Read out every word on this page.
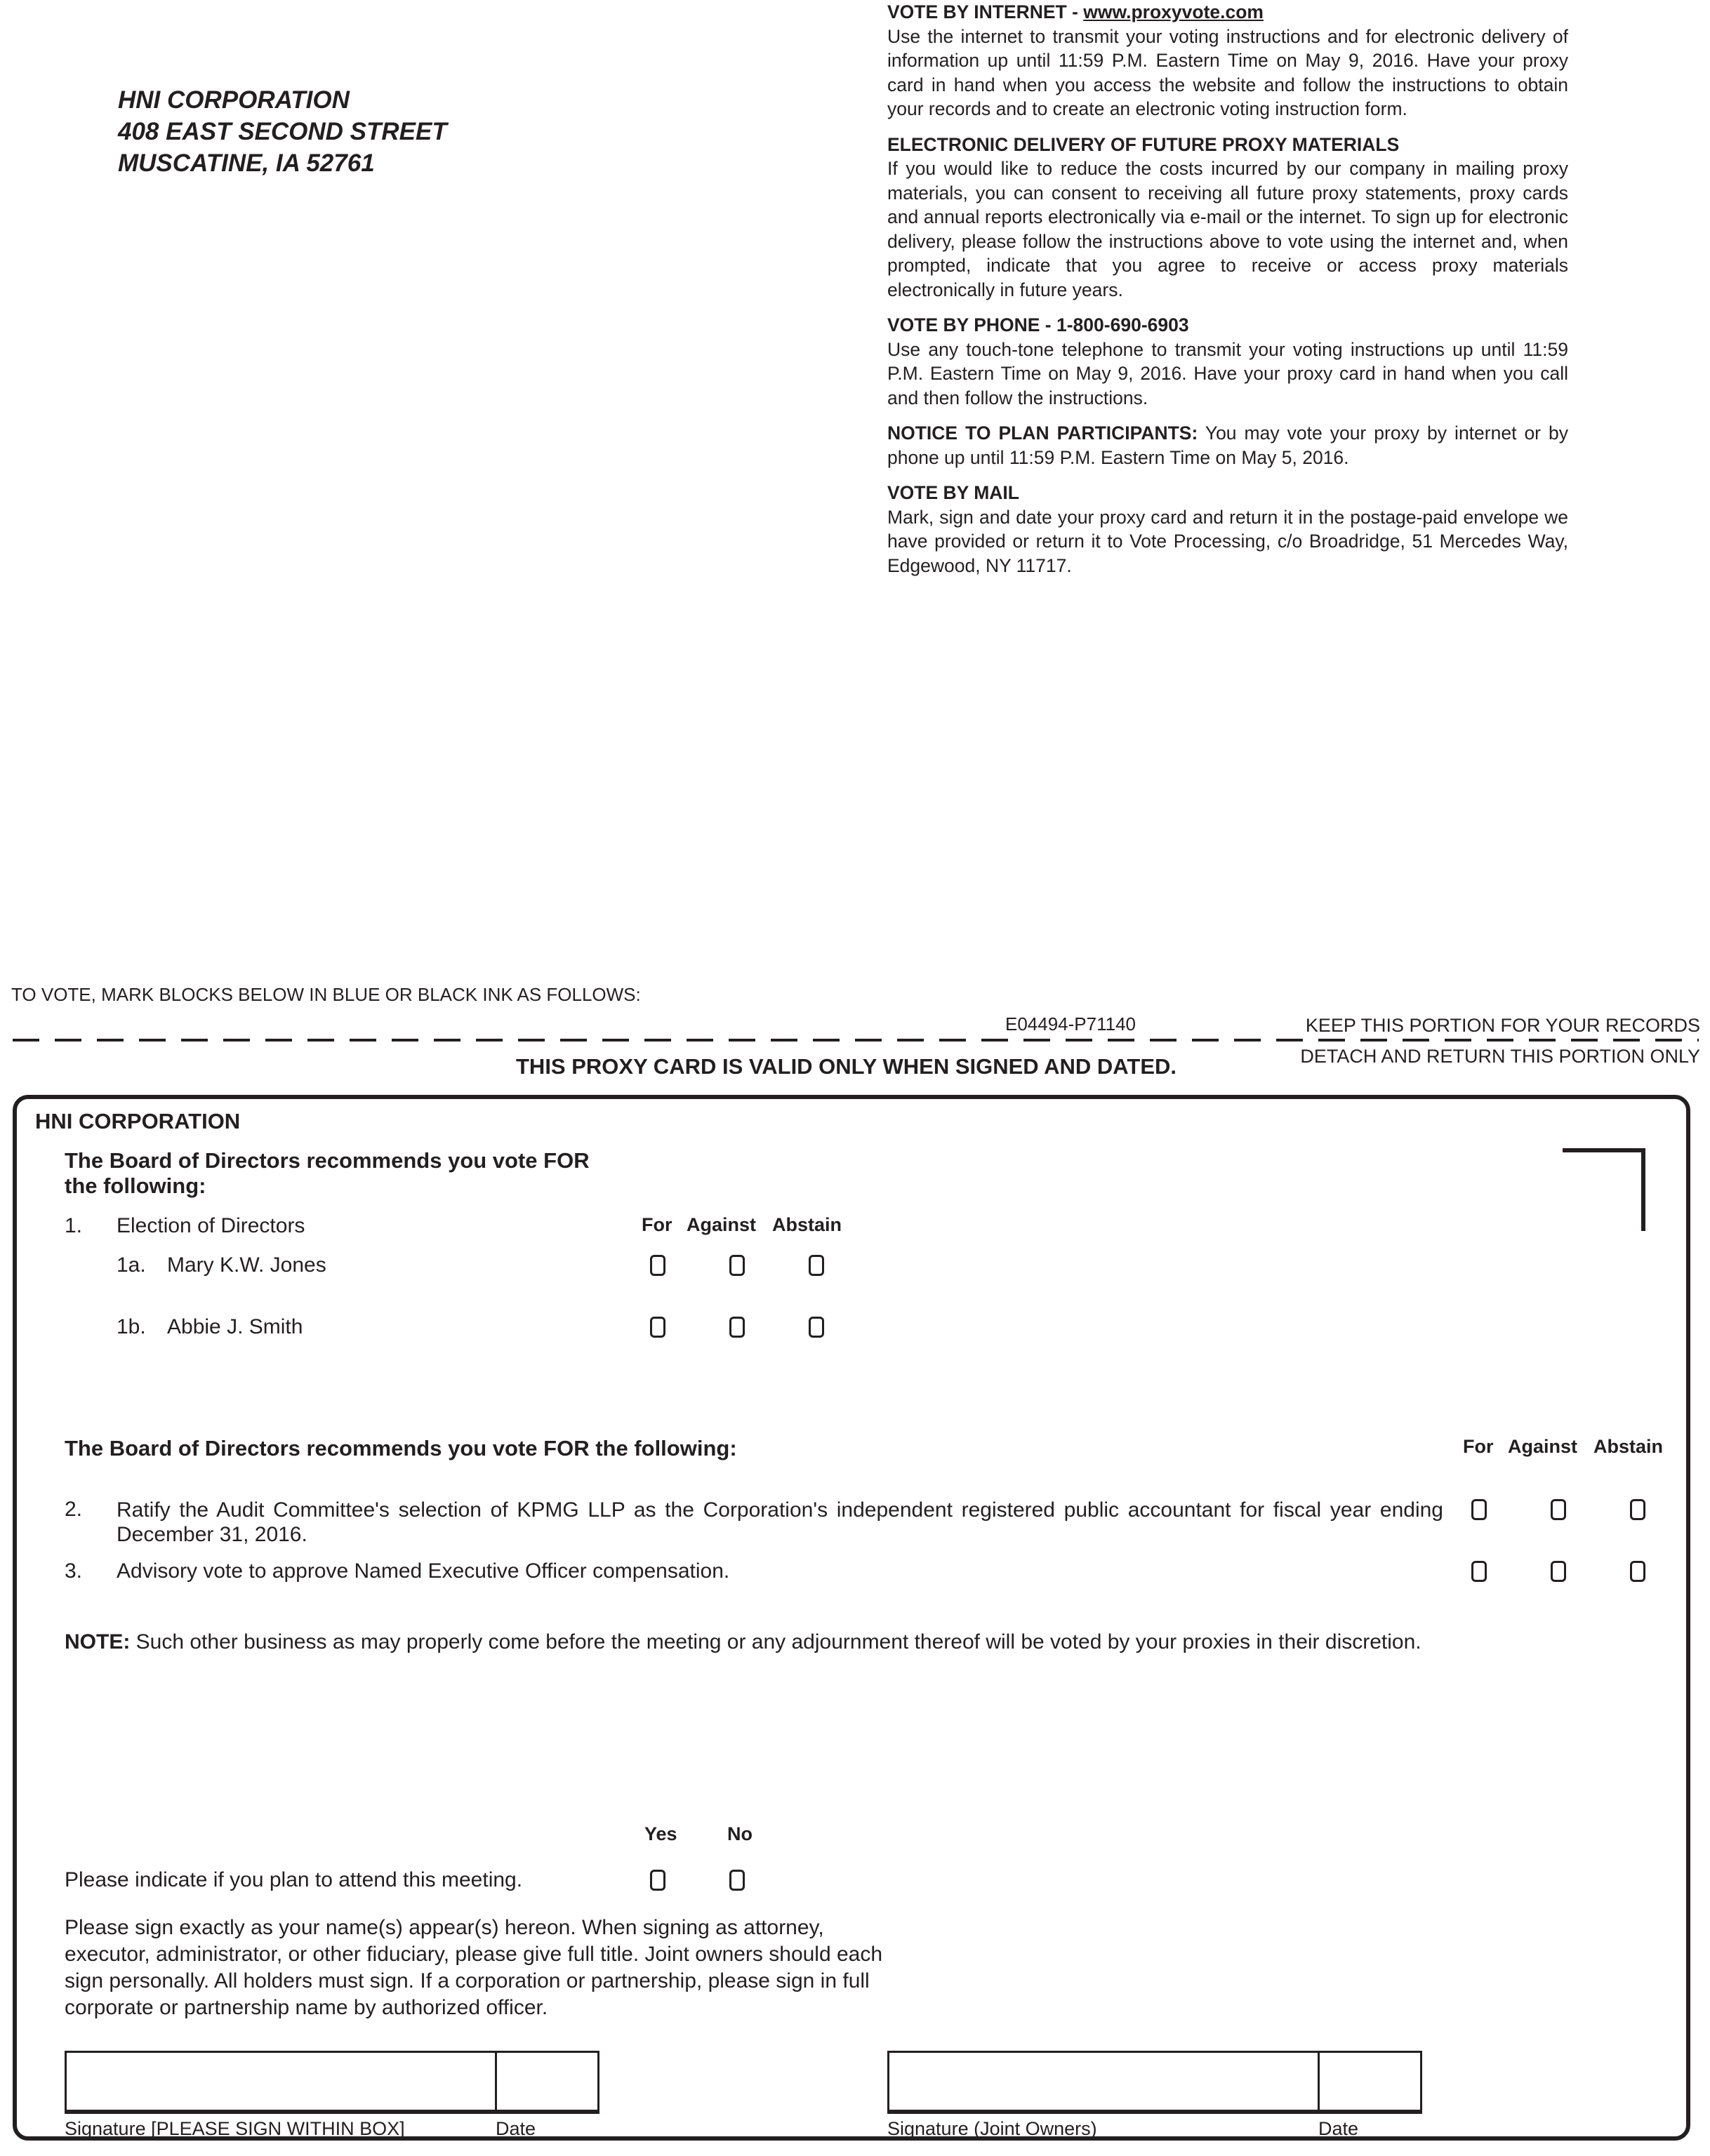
HNI CORPORATION
408 EAST SECOND STREET
MUSCATINE, IA 52761
VOTE BY INTERNET - www.proxyvote.com
Use the internet to transmit your voting instructions and for electronic delivery of information up until 11:59 P.M. Eastern Time on May 9, 2016. Have your proxy card in hand when you access the website and follow the instructions to obtain your records and to create an electronic voting instruction form.
ELECTRONIC DELIVERY OF FUTURE PROXY MATERIALS
If you would like to reduce the costs incurred by our company in mailing proxy materials, you can consent to receiving all future proxy statements, proxy cards and annual reports electronically via e-mail or the internet. To sign up for electronic delivery, please follow the instructions above to vote using the internet and, when prompted, indicate that you agree to receive or access proxy materials electronically in future years.
VOTE BY PHONE - 1-800-690-6903
Use any touch-tone telephone to transmit your voting instructions up until 11:59 P.M. Eastern Time on May 9, 2016. Have your proxy card in hand when you call and then follow the instructions.
NOTICE TO PLAN PARTICIPANTS: You may vote your proxy by internet or by phone up until 11:59 P.M. Eastern Time on May 5, 2016.
VOTE BY MAIL
Mark, sign and date your proxy card and return it in the postage-paid envelope we have provided or return it to Vote Processing, c/o Broadridge, 51 Mercedes Way, Edgewood, NY 11717.
TO VOTE, MARK BLOCKS BELOW IN BLUE OR BLACK INK AS FOLLOWS:
E04494-P71140	KEEP THIS PORTION FOR YOUR RECORDS
DETACH AND RETURN THIS PORTION ONLY
THIS PROXY CARD IS VALID ONLY WHEN SIGNED AND DATED.
HNI CORPORATION
The Board of Directors recommends you vote FOR
the following:
1. Election of Directors	For Against Abstain
1a. Mary K.W. Jones
1b. Abbie J. Smith
The Board of Directors recommends you vote FOR the following:	For Against Abstain
2. Ratify the Audit Committee's selection of KPMG LLP as the Corporation's independent registered public accountant for fiscal year ending December 31, 2016.
3. Advisory vote to approve Named Executive Officer compensation.
NOTE: Such other business as may properly come before the meeting or any adjournment thereof will be voted by your proxies in their discretion.
Yes	No
Please indicate if you plan to attend this meeting.
Please sign exactly as your name(s) appear(s) hereon. When signing as attorney, executor, administrator, or other fiduciary, please give full title. Joint owners should each sign personally. All holders must sign. If a corporation or partnership, please sign in full corporate or partnership name by authorized officer.
Signature [PLEASE SIGN WITHIN BOX]	Date	Signature (Joint Owners)	Date
